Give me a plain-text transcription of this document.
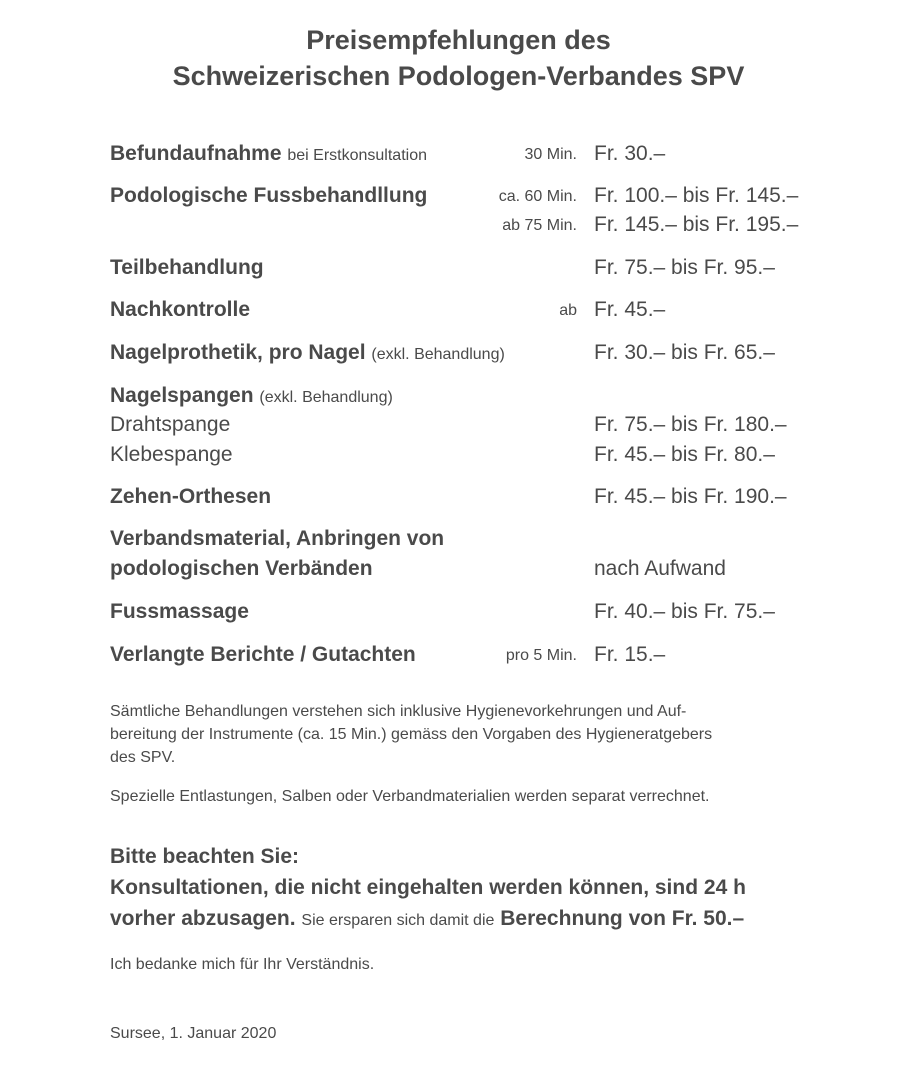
Preisempfehlungen des
Schweizerischen Podologen-Verbandes SPV
Befundaufnahme bei Erstkonsultation	30 Min. Fr. 30.–
Podologische Fussbehandllung	ca. 60 Min. Fr. 100.– bis Fr. 145.–
ab 75 Min. Fr. 145.– bis Fr. 195.–
Teilbehandlung	Fr. 75.– bis Fr. 95.–
Nachkontrolle	ab Fr. 45.–
Nagelprothetik, pro Nagel (exkl. Behandlung)	Fr. 30.– bis Fr. 65.–
Nagelspangen (exkl. Behandlung)
Drahtspange	Fr. 75.– bis Fr. 180.–
Klebespange	Fr. 45.– bis Fr. 80.–
Zehen-Orthesen	Fr. 45.– bis Fr. 190.–
Verbandsmaterial, Anbringen von
podologischen Verbänden	nach Aufwand
Fussmassage	Fr. 40.– bis Fr. 75.–
Verlangte Berichte / Gutachten	pro 5 Min. Fr. 15.–
Sämtliche Behandlungen verstehen sich inklusive Hygienevorkehrungen und Auf-
bereitung der Instrumente (ca. 15 Min.) gemäss den Vorgaben des Hygieneratgebers
des SPV.
Spezielle Entlastungen, Salben oder Verbandmaterialien werden separat verrechnet.
Bitte beachten Sie:
Konsultationen, die nicht eingehalten werden können, sind 24 h
vorher abzusagen. Sie ersparen sich damit die Berechnung von Fr. 50.–
Ich bedanke mich für Ihr Verständnis.
Sursee, 1. Januar 2020
